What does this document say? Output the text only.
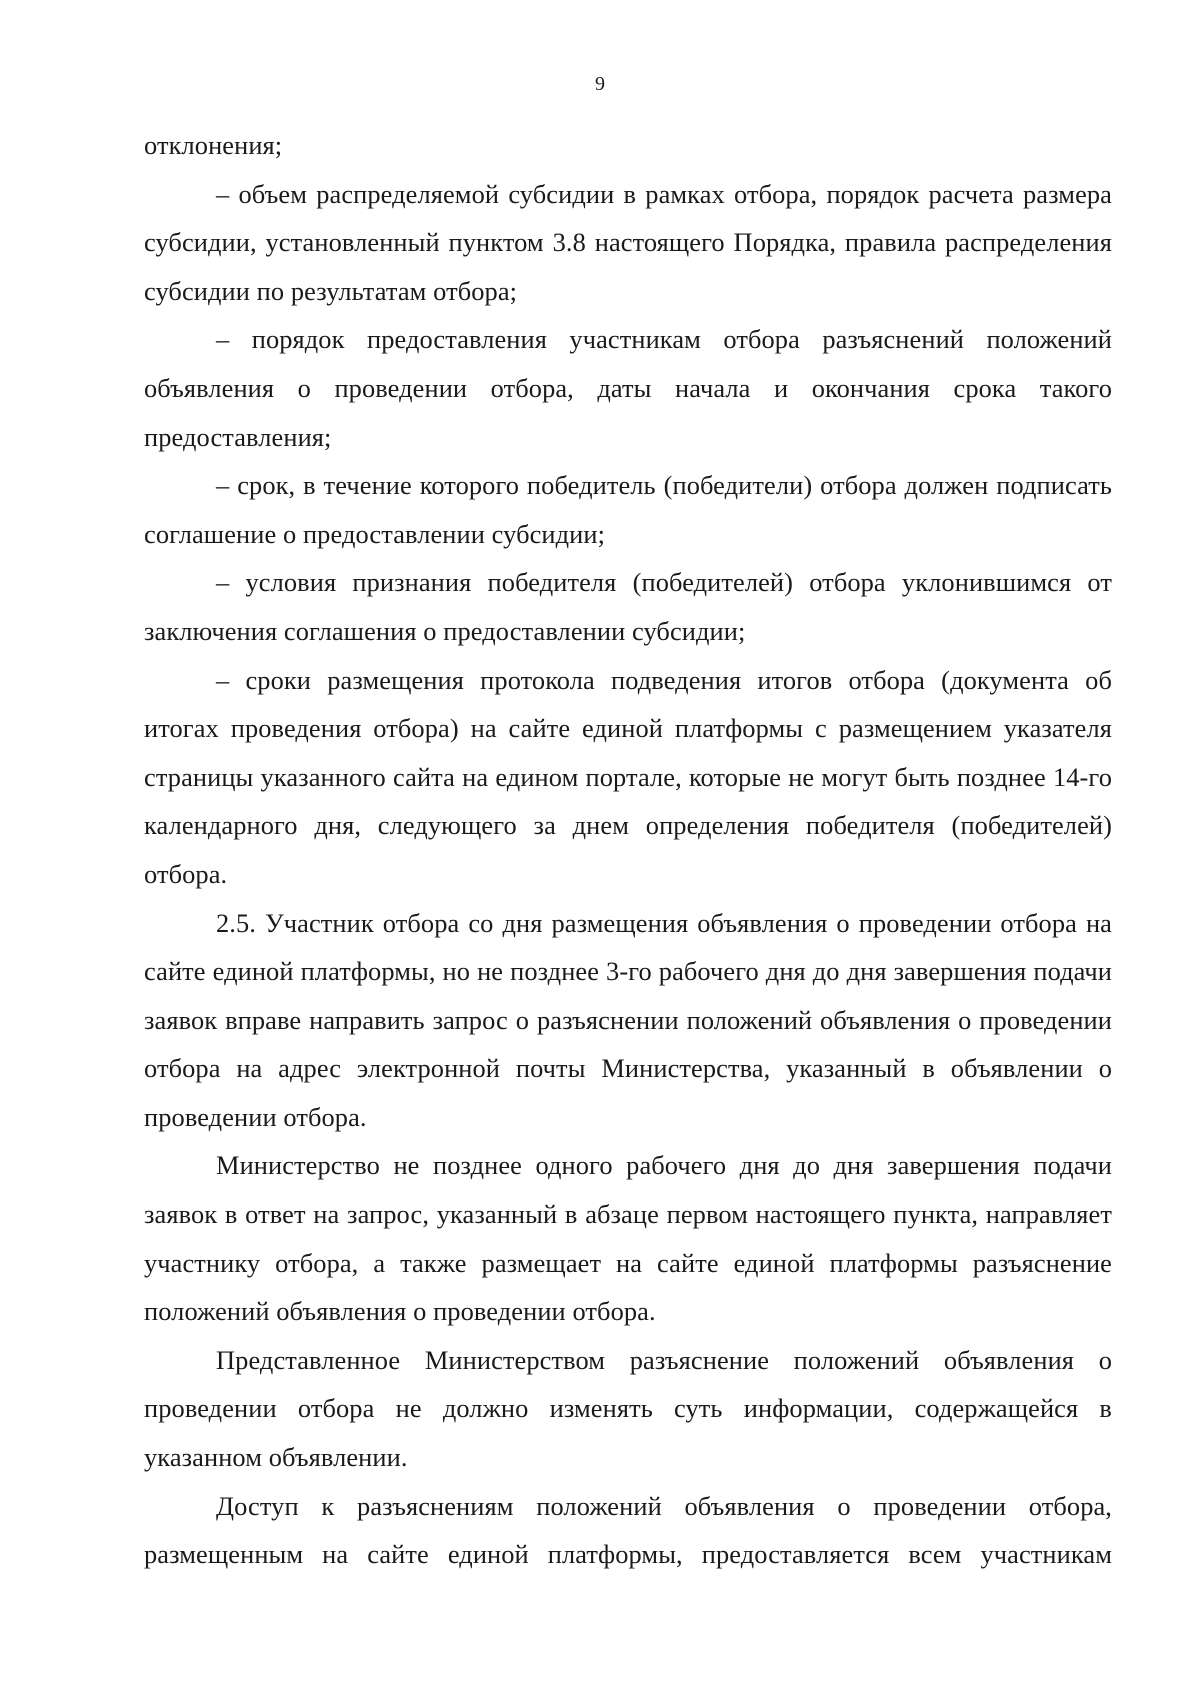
9

отклонения;

– объем распределяемой субсидии в рамках отбора, порядок расчета размера субсидии, установленный пунктом 3.8 настоящего Порядка, правила распределения субсидии по результатам отбора;

– порядок предоставления участникам отбора разъяснений положений объявления о проведении отбора, даты начала и окончания срока такого предоставления;

– срок, в течение которого победитель (победители) отбора должен подписать соглашение о предоставлении субсидии;

– условия признания победителя (победителей) отбора уклонившимся от заключения соглашения о предоставлении субсидии;

– сроки размещения протокола подведения итогов отбора (документа об итогах проведения отбора) на сайте единой платформы с размещением указателя страницы указанного сайта на едином портале, которые не могут быть позднее 14-го календарного дня, следующего за днем определения победителя (победителей) отбора.

2.5. Участник отбора со дня размещения объявления о проведении отбора на сайте единой платформы, но не позднее 3-го рабочего дня до дня завершения подачи заявок вправе направить запрос о разъяснении положений объявления о проведении отбора на адрес электронной почты Министерства, указанный в объявлении о проведении отбора.

Министерство не позднее одного рабочего дня до дня завершения подачи заявок в ответ на запрос, указанный в абзаце первом настоящего пункта, направляет участнику отбора, а также размещает на сайте единой платформы разъяснение положений объявления о проведении отбора.

Представленное Министерством разъяснение положений объявления о проведении отбора не должно изменять суть информации, содержащейся в указанном объявлении.

Доступ к разъяснениям положений объявления о проведении отбора, размещенным на сайте единой платформы, предоставляется всем участникам
